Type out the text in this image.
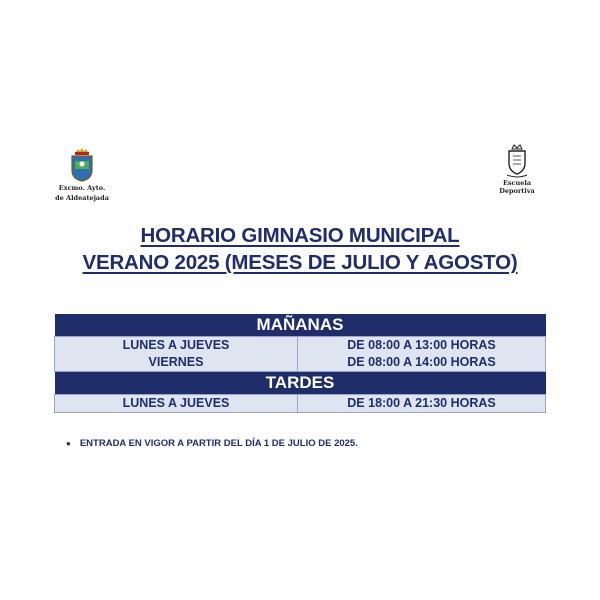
Excmo. Ayto.
de Aldeatejada
Escuela Deportiva
HORARIO GIMNASIO MUNICIPAL
VERANO 2025 (MESES DE JULIO Y AGOSTO)
MAÑANAS	
LUNES A JUEVES	DE 08:00 A 13:00 HORAS
VIERNES	DE 08:00 A 14:00 HORAS
TARDES	
LUNES A JUEVES	DE 18:00 A 21:30 HORAS
● ENTRADA EN VIGOR A PARTIR DEL DÍA 1 DE JULIO DE 2025.
